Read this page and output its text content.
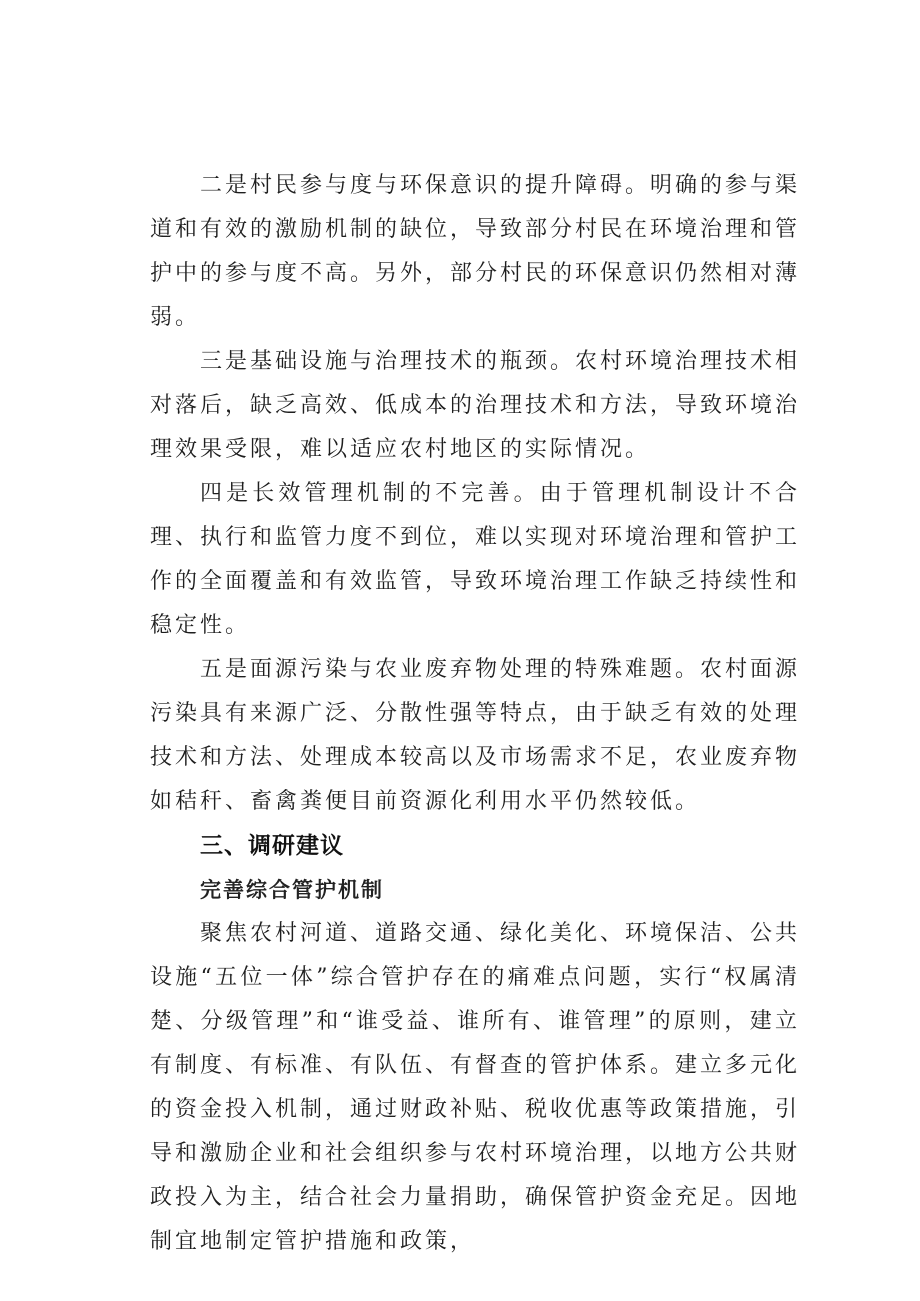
二是村民参与度与环保意识的提升障碍。明确的参与渠道和有效的激励机制的缺位，导致部分村民在环境治理和管护中的参与度不高。另外，部分村民的环保意识仍然相对薄弱。

三是基础设施与治理技术的瓶颈。农村环境治理技术相对落后，缺乏高效、低成本的治理技术和方法，导致环境治理效果受限，难以适应农村地区的实际情况。

四是长效管理机制的不完善。由于管理机制设计不合理、执行和监管力度不到位，难以实现对环境治理和管护工作的全面覆盖和有效监管，导致环境治理工作缺乏持续性和稳定性。

五是面源污染与农业废弃物处理的特殊难题。农村面源污染具有来源广泛、分散性强等特点，由于缺乏有效的处理技术和方法、处理成本较高以及市场需求不足，农业废弃物如秸秆、畜禽粪便目前资源化利用水平仍然较低。

三、调研建议
完善综合管护机制

聚焦农村河道、道路交通、绿化美化、环境保洁、公共设施“五位一体”综合管护存在的痛难点问题，实行“权属清楚、分级管理”和“谁受益、谁所有、谁管理”的原则，建立有制度、有标准、有队伍、有督查的管护体系。建立多元化的资金投入机制，通过财政补贴、税收优惠等政策措施，引导和激励企业和社会组织参与农村环境治理，以地方公共财政投入为主，结合社会力量捐助，确保管护资金充足。因地制宜地制定管护措施和政策，
